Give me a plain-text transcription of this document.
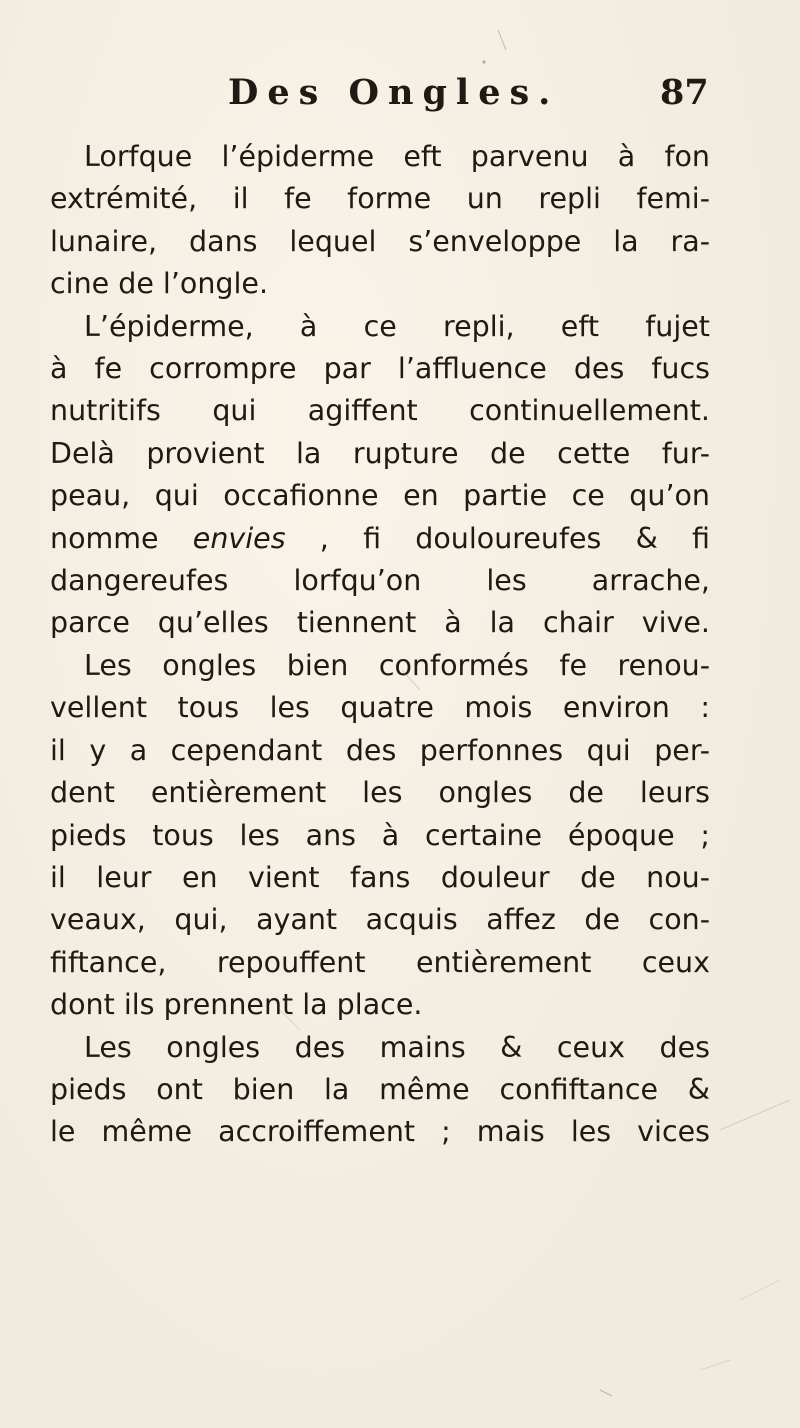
Des Ongles.	87
Lorfque l’épiderme eft parvenu à fon
extrémité, il fe forme un repli femi-
lunaire, dans lequel s’enveloppe la ra-
cine de l’ongle.
L’épiderme, à ce repli, eft fujet
à fe corrompre par l’affluence des fucs
nutritifs qui agiffent continuellement.
Delà provient la rupture de cette fur-
peau, qui occafionne en partie ce qu’on
nomme envies , fi douloureufes & fi
dangereufes lorfqu’on les arrache,
parce qu’elles tiennent à la chair vive.
Les ongles bien conformés fe renou-
vellent tous les quatre mois environ :
il y a cependant des perfonnes qui per-
dent entièrement les ongles de leurs
pieds tous les ans à certaine époque ;
il leur en vient fans douleur de nou-
veaux, qui, ayant acquis affez de con-
fiftance, repouffent entièrement ceux
dont ils prennent la place.
Les ongles des mains & ceux des
pieds ont bien la même confiftance &
le même accroiffement ; mais les vices
